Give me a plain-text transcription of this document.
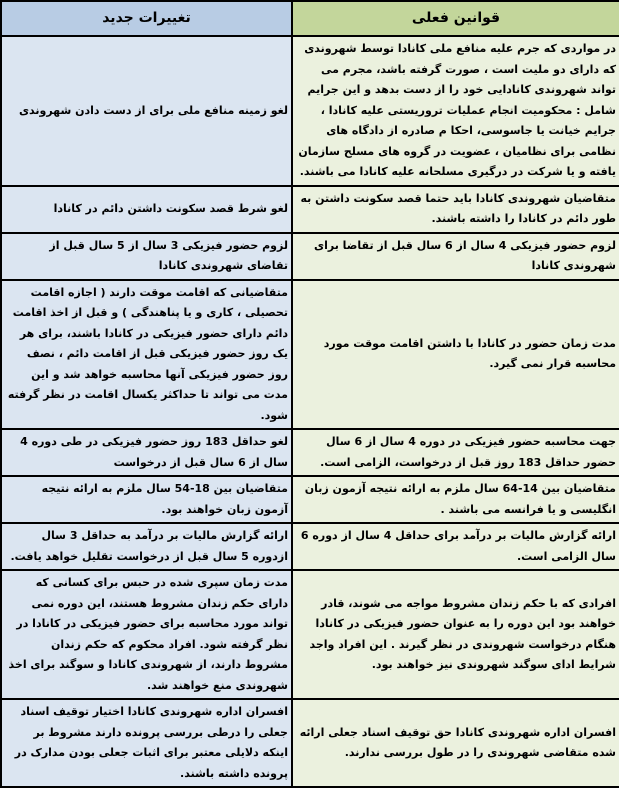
تغییرات جدید	قوانین فعلی
لغو زمینه منافع ملی برای از دست دادن شهروندی	در مواردی که جرم علیه منافع ملی کانادا توسط شهروندی که دارای دو ملیت است ، صورت گرفته باشد، مجرم می تواند شهروندی کانادایی خود را از دست بدهد و این جرایم شامل : محکومیت انجام عملیات تروریستی علیه کانادا ، جرایم خیانت یا جاسوسی، احکا م صادره از دادگاه های نظامی برای نظامیان ، عضویت در گروه های مسلح سازمان یافته و یا شرکت در درگیری مسلحانه علیه کانادا می باشند.
لغو شرط قصد سکونت داشتن دائم در کانادا	متقاضیان شهروندی کانادا باید حتما قصد سکونت داشتن به طور دائم در کانادا را داشته باشند.
لزوم حضور فیزیکی 3 سال از 5 سال قبل از تقاضای شهروندی کانادا	لزوم حضور فیزیکی 4 سال از 6 سال قبل از تقاضا برای شهروندی کانادا
متقاضیانی که اقامت موقت دارند ( اجازه اقامت تحصیلی ، کاری و یا پناهندگی ) و قبل از اخذ اقامت دائم دارای حضور فیزیکی در کانادا باشند، برای هر یک روز حضور فیزیکی قبل از اقامت دائم ، نصف روز حضور فیزیکی آنها محاسبه خواهد شد و این مدت می تواند تا حداکثر یکسال اقامت در نظر گرفته شود.	مدت زمان حضور در کانادا با داشتن اقامت موقت مورد محاسبه قرار نمی گیرد.
لغو حداقل 183 روز حضور فیزیکی در طی دوره 4 سال از 6 سال قبل از درخواست	جهت محاسبه حضور فیزیکی در دوره 4 سال از 6 سال حضور حداقل 183 روز قبل از درخواست، الزامی است.
متقاضیان بین 18-54 سال ملزم به ارائه نتیجه آزمون زبان خواهند بود.	متقاضیان بین 14-64 سال ملزم به ارائه نتیجه آزمون زبان انگلیسی و یا فرانسه می باشند .
ارائه گزارش مالیات بر درآمد به حداقل 3 سال ازدوره 5 سال قبل از درخواست تقلیل خواهد یافت.	ارائه گزارش مالیات بر درآمد برای حداقل 4 سال از دوره 6 سال الزامی است.
مدت زمان سپری شده در حبس برای کسانی که دارای حکم زندان مشروط هستند، این دوره نمی تواند مورد محاسبه برای حضور فیزیکی در کانادا در نظر گرفته شود. افراد محکوم که حکم زندان مشروط دارند، از شهروندی کانادا و سوگند برای اخذ شهروندی منع خواهند شد.	افرادی که با حکم زندان مشروط مواجه می شوند، قادر خواهند بود این دوره را به عنوان حضور فیزیکی در کانادا هنگام درخواست شهروندی در نظر گیرند . این افراد واجد شرایط ادای سوگند شهروندی نیز خواهند بود.
افسران اداره شهروندی کانادا اختیار توقیف اسناد جعلی را درطی بررسی پرونده دارند مشروط بر اینکه دلایلی معتبر برای اثبات جعلی بودن مدارک در پرونده داشته باشند.	افسران اداره شهروندی کانادا حق توقیف اسناد جعلی ارائه شده متقاضی شهروندی را در طول بررسی ندارند.
